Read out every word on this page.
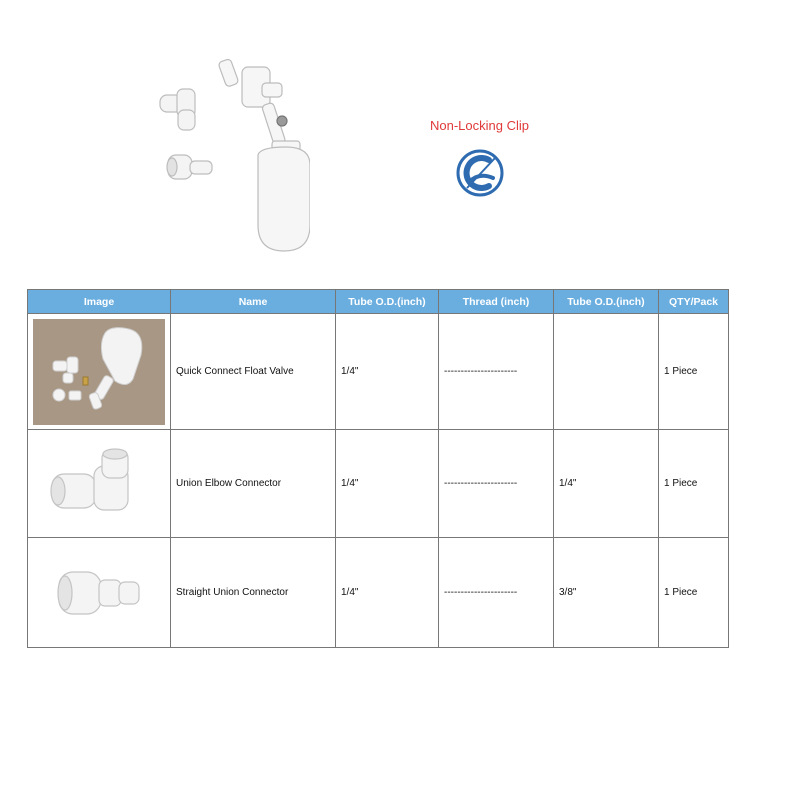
Non-Locking Clip
Image	Name	Tube O.D.(inch)	Thread (inch)	Tube O.D.(inch)	QTY/Pack

	Quick Connect Float Valve	1/4"	----------------------		1 Piece

	Union Elbow Connector	1/4"	----------------------	1/4"	1 Piece

	Straight Union Connector	1/4"	----------------------	3/8"	1 Piece
